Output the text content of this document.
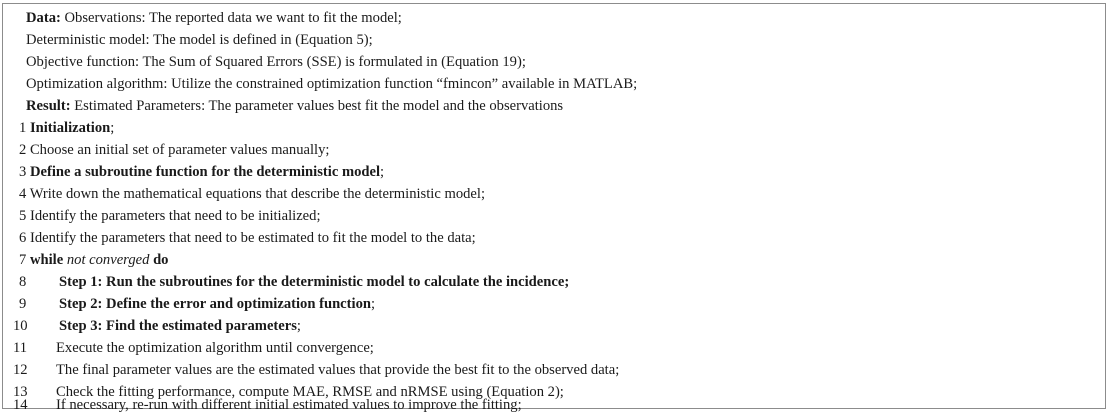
Data: Observations: The reported data we want to fit the model;
Deterministic model: The model is defined in (Equation 5);
Objective function: The Sum of Squared Errors (SSE) is formulated in (Equation 19);
Optimization algorithm: Utilize the constrained optimization function “fmincon” available in MATLAB;
Result: Estimated Parameters: The parameter values best fit the model and the observations
1 Initialization;
2 Choose an initial set of parameter values manually;
3 Define a subroutine function for the deterministic model;
4 Write down the mathematical equations that describe the deterministic model;
5 Identify the parameters that need to be initialized;
6 Identify the parameters that need to be estimated to fit the model to the data;
7 while not converged do
8 Step 1: Run the subroutines for the deterministic model to calculate the incidence;
9 Step 2: Define the error and optimization function;
10 Step 3: Find the estimated parameters;
11 Execute the optimization algorithm until convergence;
12 The final parameter values are the estimated values that provide the best fit to the observed data;
13 Check the fitting performance, compute MAE, RMSE and nRMSE using (Equation 2);
14 If necessary, re-run with different initial estimated values to improve the fitting;
